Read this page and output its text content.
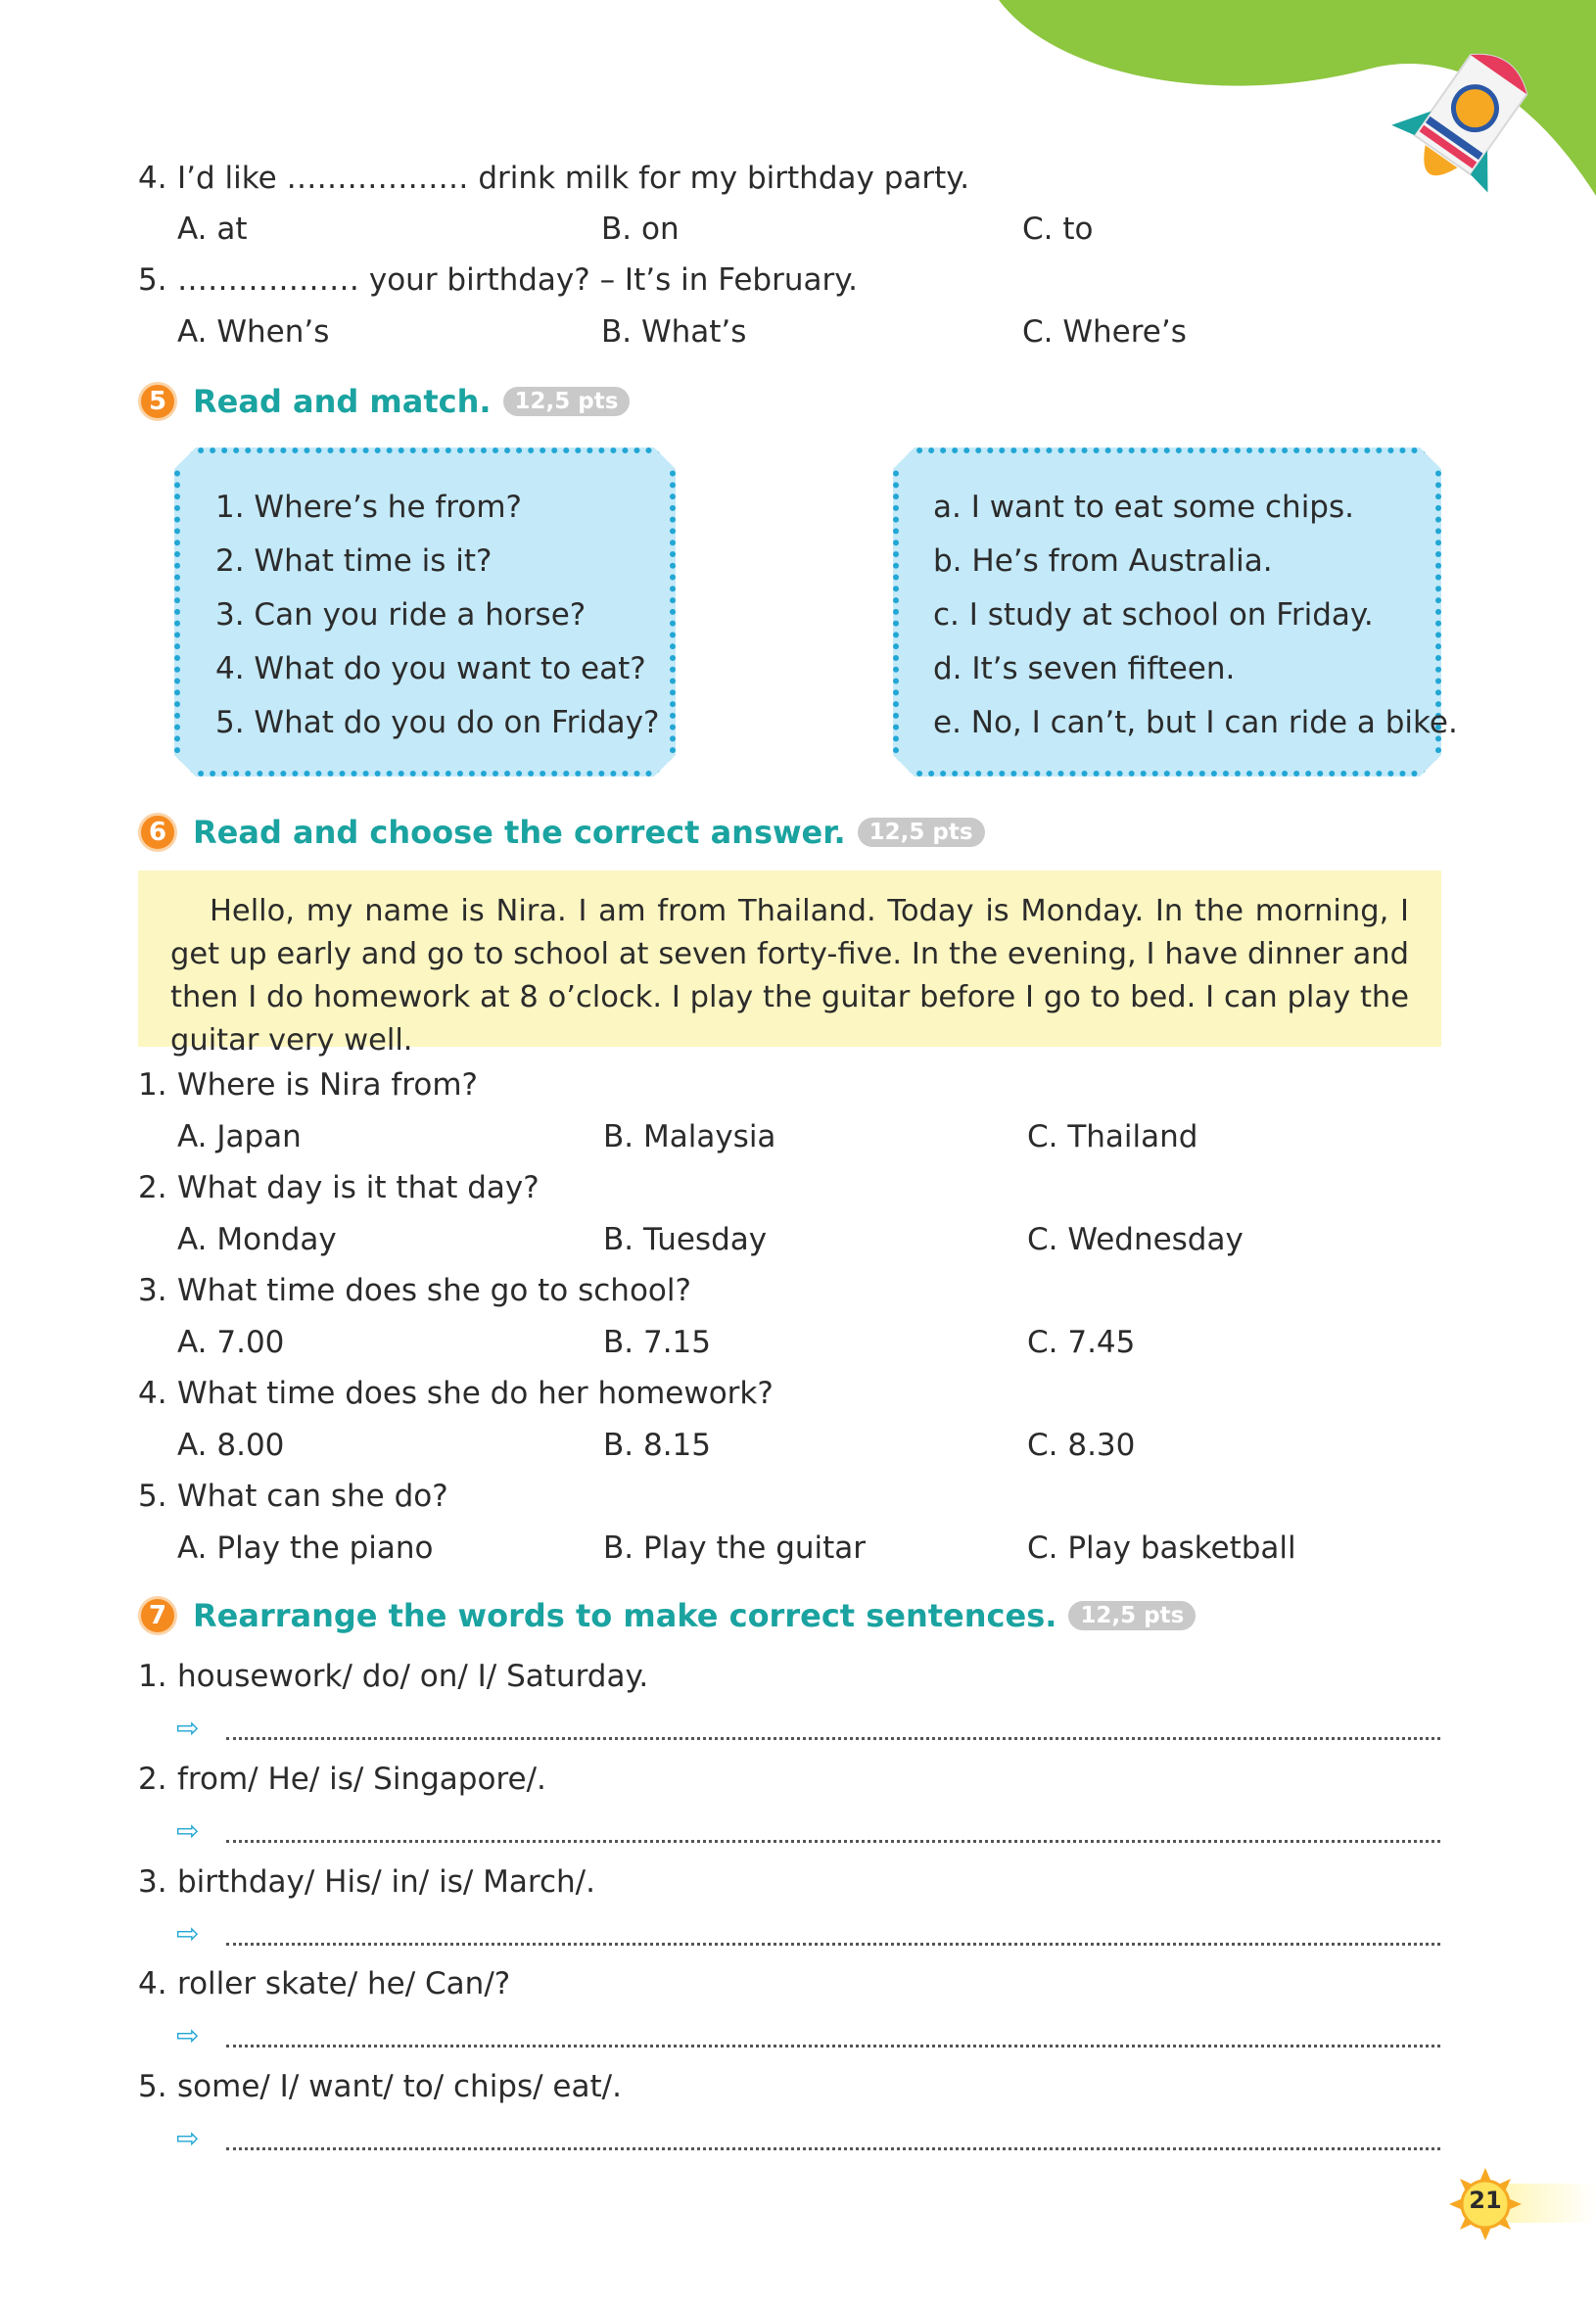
4. I’d like ……………… drink milk for my birthday party.
A. at	B. on	C. to
5. ……………… your birthday? – It’s in February.
A. When’s	B. What’s	C. Where’s
5 Read and match.	12,5 pts
1. Where’s he from?
2. What time is it?
3. Can you ride a horse?
4. What do you want to eat?
5. What do you do on Friday?
a. I want to eat some chips.
b. He’s from Australia.
c. I study at school on Friday.
d. It’s seven fifteen.
e. No, I can’t, but I can ride a bike.
6 Read and choose the correct answer.	12,5 pts
Hello, my name is Nira. I am from Thailand. Today is Monday. In the morning, I get up early and go to school at seven forty-five. In the evening, I have dinner and then I do homework at 8 o’clock. I play the guitar before I go to bed. I can play the guitar very well.
1. Where is Nira from?
A. Japan	B. Malaysia	C. Thailand
2. What day is it that day?
A. Monday	B. Tuesday	C. Wednesday
3. What time does she go to school?
A. 7.00	B. 7.15	C. 7.45
4. What time does she do her homework?
A. 8.00	B. 8.15	C. 8.30
5. What can she do?
A. Play the piano	B. Play the guitar	C. Play basketball
7 Rearrange the words to make correct sentences.	12,5 pts
1. housework/ do/ on/ I/ Saturday.
⇨
2. from/ He/ is/ Singapore/.
⇨
3. birthday/ His/ in/ is/ March/.
⇨
4. roller skate/ he/ Can/?
⇨
5. some/ I/ want/ to/ chips/ eat/.
⇨
21
